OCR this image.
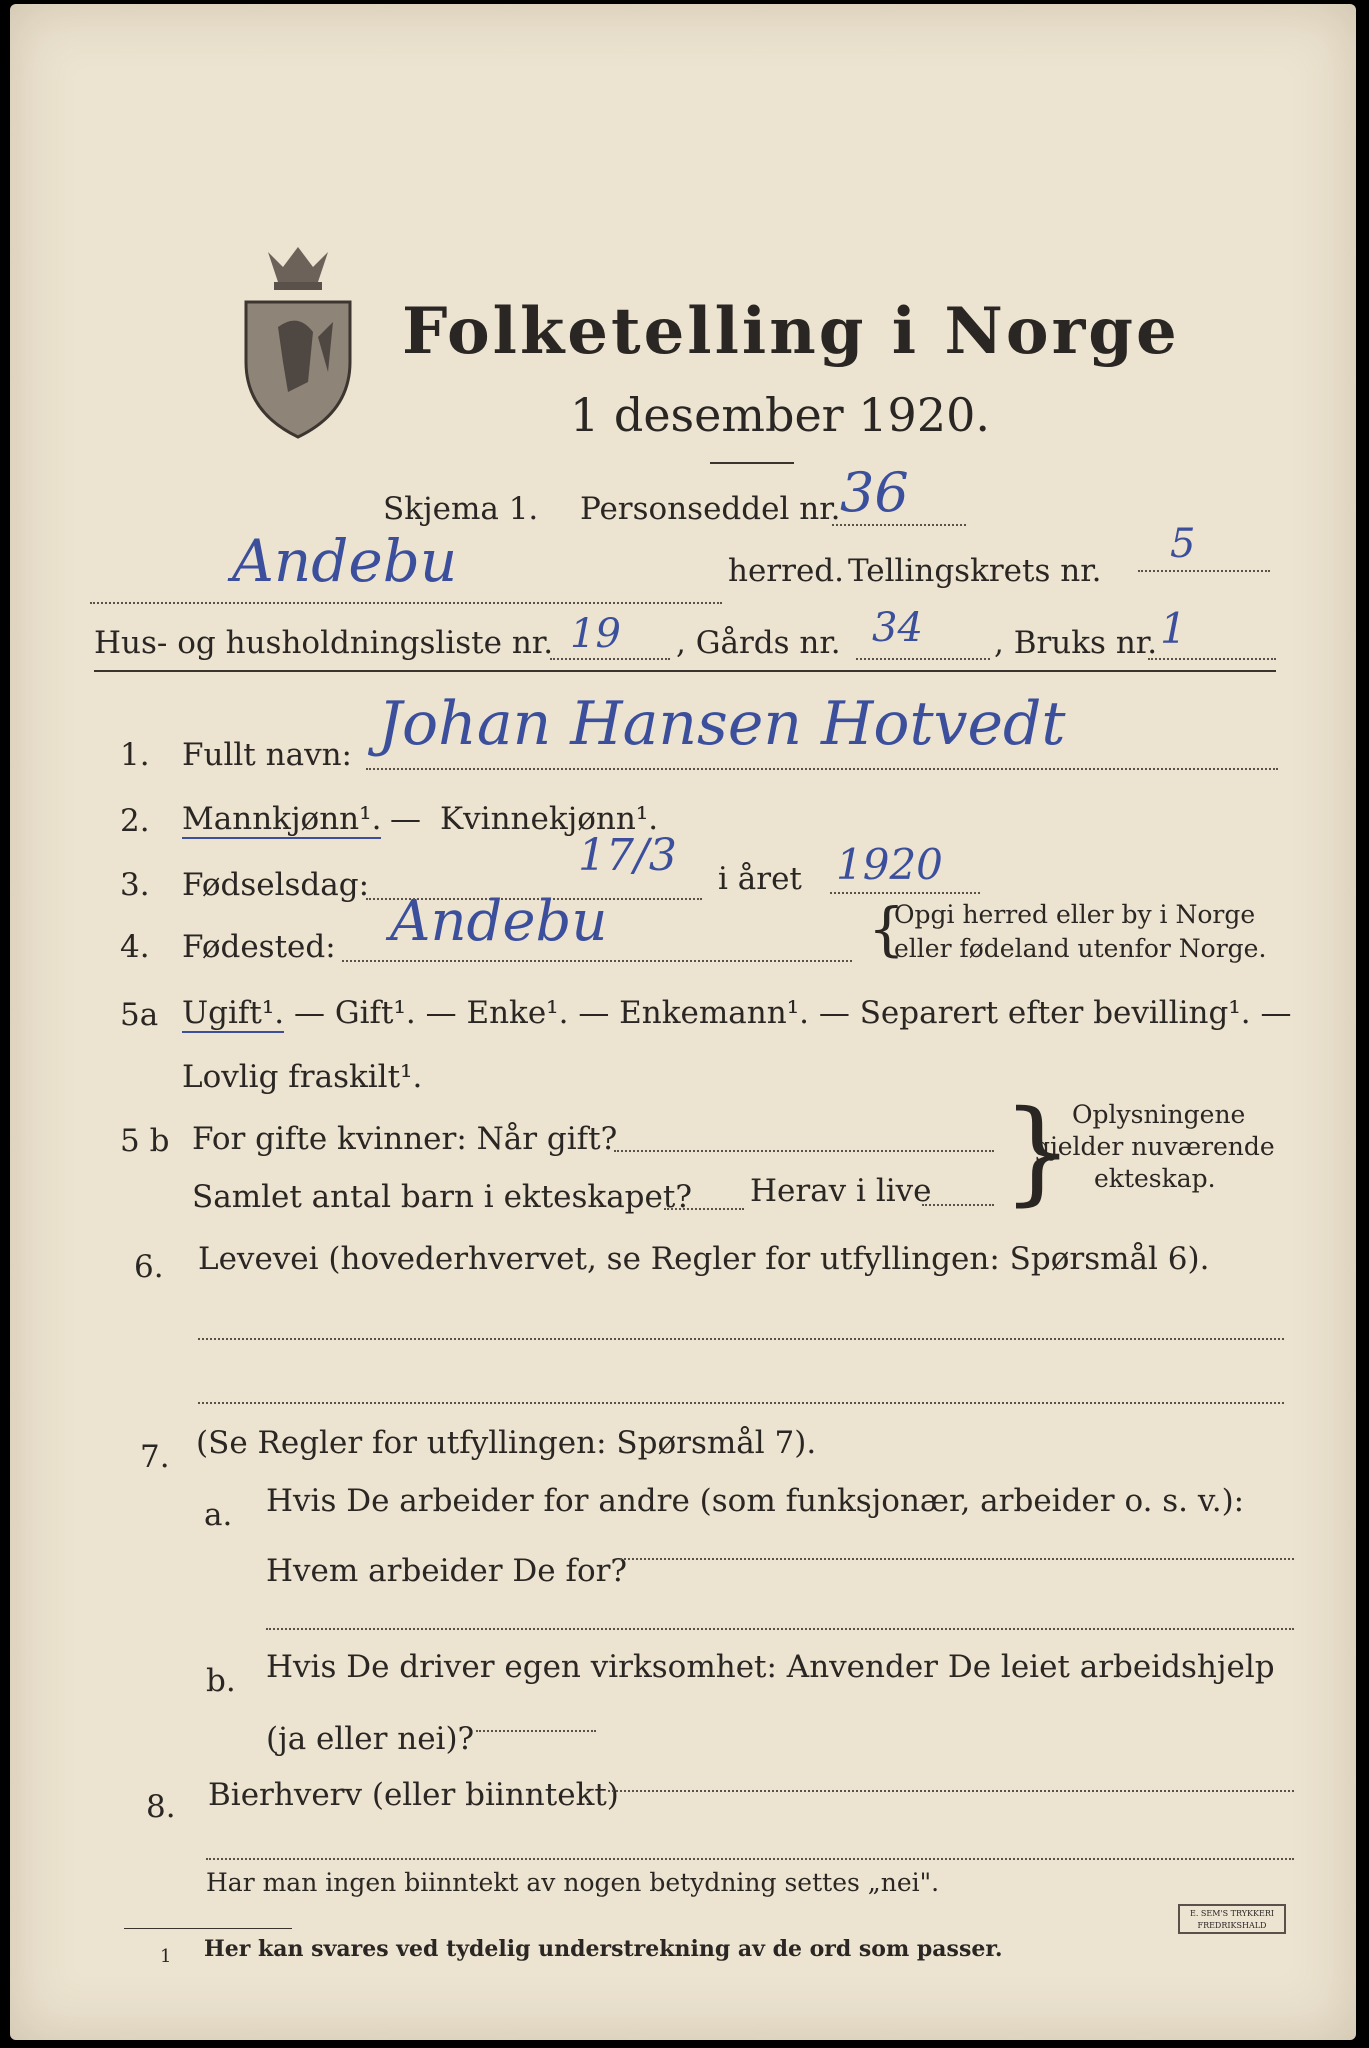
Folketelling i Norge
1 desember 1920.
Skjema 1. Personseddel nr. 36
Andebu	herred. Tellingskrets nr.
5
Hus- og husholdningsliste nr. 19 , Gårds nr. 34 , Bruks nr. 1
1. Fullt navn: Johan Hansen Hotvedt
2. Mannkjønn¹. — Kvinnekjønn¹.
3. Fødselsdag:
17/3 i året 1920
4. Fødested: Andebu	{
Opgi herred eller by i Norge
eller fødeland utenfor Norge.
5a Ugift¹. — Gift¹. — Enke¹. — Enkemann¹. — Separert efter bevilling¹. —
Lovlig fraskilt¹.
5 b For gifte kvinner: Når gift?
Samlet antal barn i ekteskapet? Herav i live }
Oplysningene
gjelder nuværende
ekteskap.
6. Levevei (hovederhvervet, se Regler for utfyllingen: Spørsmål 6).
7. (Se Regler for utfyllingen: Spørsmål 7).
a. Hvis De arbeider for andre (som funksjonær, arbeider o. s. v.):
Hvem arbeider De for?
b. Hvis De driver egen virksomhet: Anvender De leiet arbeidshjelp
(ja eller nei)?
8. Bierhverv (eller biinntekt)
Har man ingen biinntekt av nogen betydning settes „nei".
1 Her kan svares ved tydelig understrekning av de ord som passer.
E. SEM'S TRYKKERI FREDRIKSHALD
